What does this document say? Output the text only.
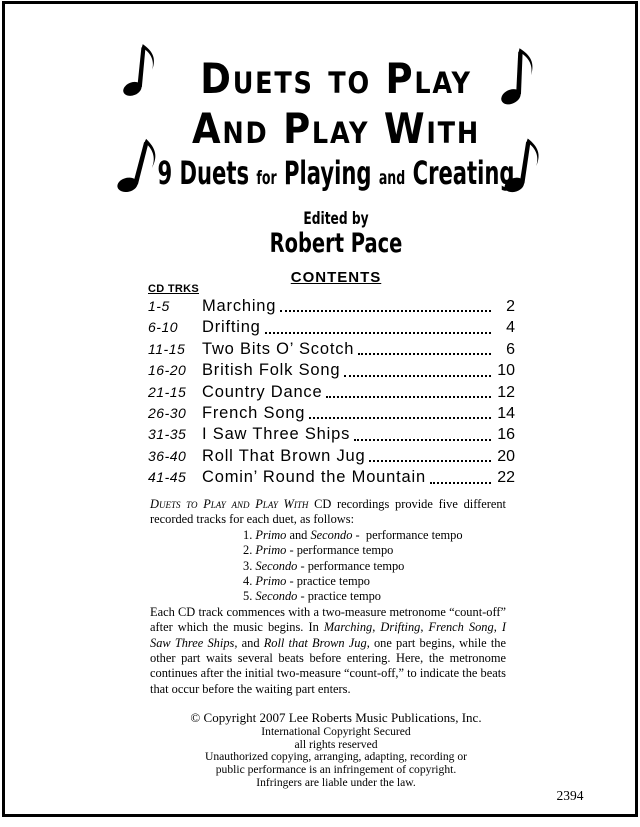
Duets to Play
And Play With
9 Duets for Playing and Creating
Edited by
Robert Pace
CONTENTS
CD TRKS
1-5	Marching	2
6-10	Drifting	4
11-15	Two Bits O’ Scotch	6
16-20 British Folk Song	10
21-15 Country Dance	12
26-30 French Song	14
31-35 I Saw Three Ships	16
36-40 Roll That Brown Jug	20
41-45 Comin’ Round the Mountain	22
Duets to Play and Play With CD recordings provide five different recorded tracks for each duet, as follows:
1. Primo and Secondo -  performance tempo
2. Primo - performance tempo
3. Secondo - performance tempo
4. Primo - practice tempo
5. Secondo - practice tempo
Each CD track commences with a two-measure metronome “count-off” after which the music begins. In Marching, Drifting, French Song, I Saw Three Ships, and Roll that Brown Jug, one part begins, while the other part waits several beats before entering. Here, the metronome continues after the initial two-measure “count-off,” to indicate the beats that occur before the waiting part enters.
© Copyright 2007 Lee Roberts Music Publications, Inc.
International Copyright Secured
all rights reserved
Unauthorized copying, arranging, adapting, recording or
public performance is an infringement of copyright.
Infringers are liable under the law.
2394
